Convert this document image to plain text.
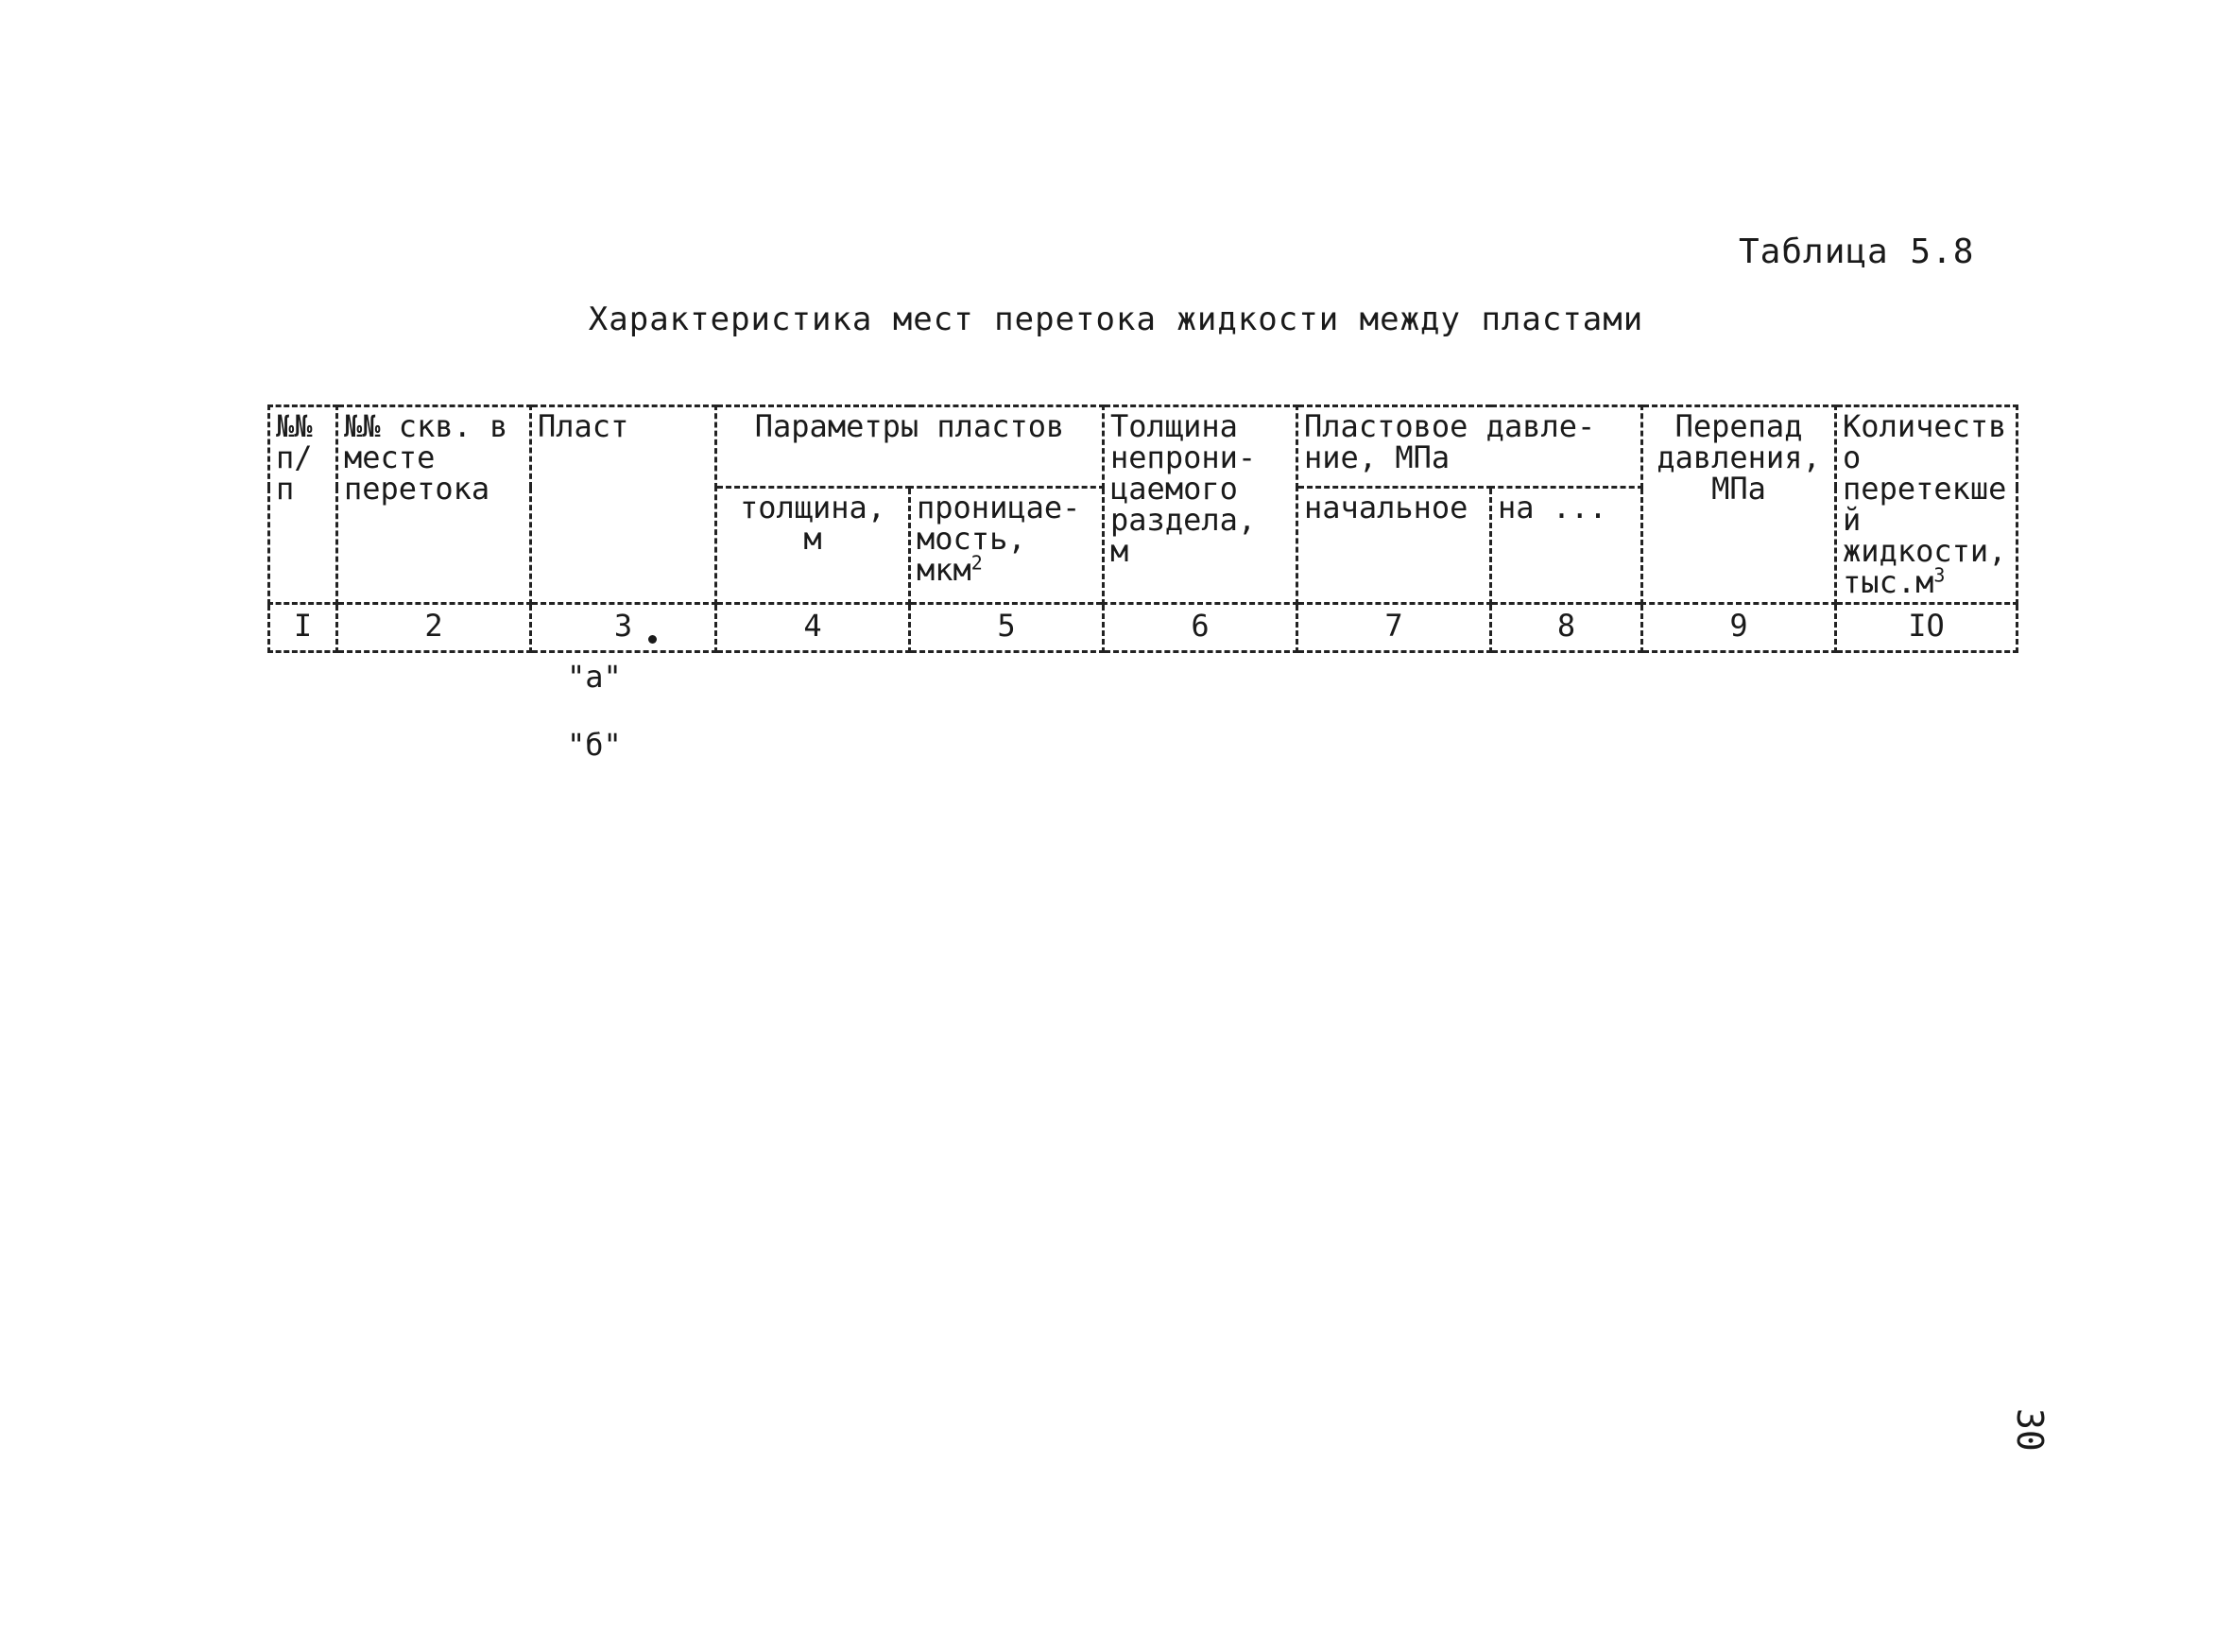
Таблица 5.8
Характеристика мест перетока жидкости между пластами
№№ п/п	№№ скв. в месте перетока	Пласт	Параметры пластов		Толщина непрони- цаемого раздела, м	Пластовое давле- ние, МПа		Перепад давления, МПа	Количество перетекшей жидкости, $тыс.м^3$
			толщина, м	проницае- мость, мкм$^2$		начальное	на ...		
I	2	3	4	5	6	7	8	9	IO
"а"
"б"
30
